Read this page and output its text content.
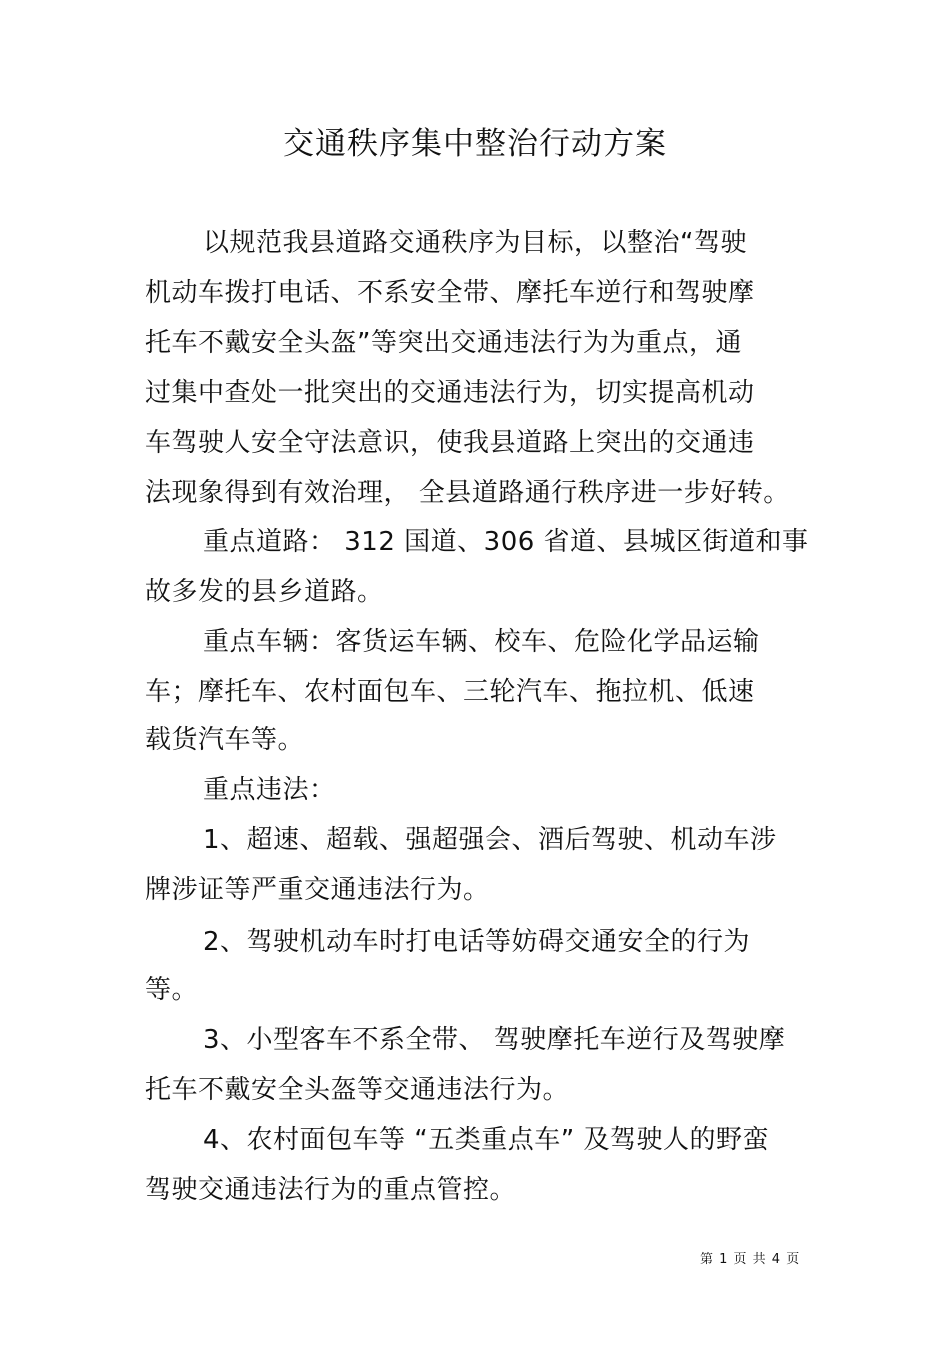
交通秩序集中整治行动方案
以规范我县道路交通秩序为目标，以整治“驾驶
机动车拨打电话、不系安全带、摩托车逆行和驾驶摩
托车不戴安全头盔”等突出交通违法行为为重点，通
过集中查处一批突出的交通违法行为，切实提高机动
车驾驶人安全守法意识，使我县道路上突出的交通违
法现象得到有效治理， 全县道路通行秩序进一步好转。
重点道路： 312 国道、306 省道、县城区街道和事
故多发的县乡道路。
重点车辆：客货运车辆、校车、危险化学品运输
车；摩托车、农村面包车、三轮汽车、拖拉机、低速
载货汽车等。
重点违法：
1、超速、超载、强超强会、酒后驾驶、机动车涉
牌涉证等严重交通违法行为。
2、驾驶机动车时打电话等妨碍交通安全的行为
等。
3、小型客车不系全带、 驾驶摩托车逆行及驾驶摩
托车不戴安全头盔等交通违法行为。
4、农村面包车等 “五类重点车” 及驾驶人的野蛮
驾驶交通违法行为的重点管控。
第 1 页 共 4 页
